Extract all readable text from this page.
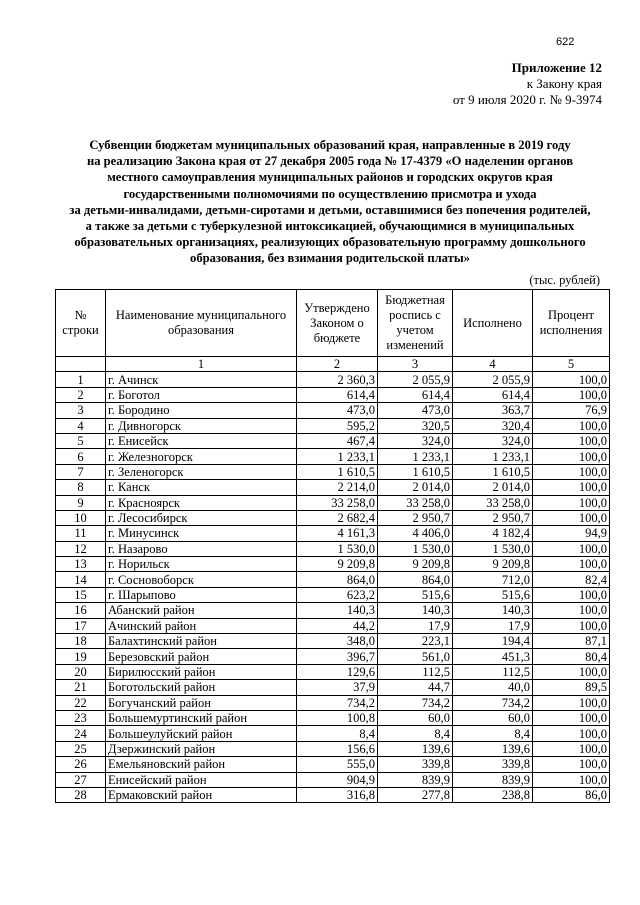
622
Приложение 12
к Закону края
от 9 июля 2020 г. № 9-3974
Субвенции бюджетам муниципальных образований края, направленные в 2019 году
на реализацию Закона края от 27 декабря 2005 года № 17-4379 «О наделении органов
местного самоуправления муниципальных районов и городских округов края
государственными полномочиями по осуществлению присмотра и ухода
за детьми-инвалидами, детьми-сиротами и детьми, оставшимися без попечения родителей,
а также за детьми с туберкулезной интоксикацией, обучающимися в муниципальных
образовательных организациях, реализующих образовательную программу дошкольного
образования, без взимания родительской платы»
(тыс. рублей)
№ строки	Наименование муниципального образования	Утверждено Законом о бюджете	Бюджетная роспись с учетом изменений	Исполнено	Процент исполнения
	1	2	3	4	5
1	г. Ачинск	2 360,3	2 055,9	2 055,9	100,0
2	г. Боготол	614,4	614,4	614,4	100,0
3	г. Бородино	473,0	473,0	363,7	76,9
4	г. Дивногорск	595,2	320,5	320,4	100,0
5	г. Енисейск	467,4	324,0	324,0	100,0
6	г. Железногорск	1 233,1	1 233,1	1 233,1	100,0
7	г. Зеленогорск	1 610,5	1 610,5	1 610,5	100,0
8	г. Канск	2 214,0	2 014,0	2 014,0	100,0
9	г. Красноярск	33 258,0	33 258,0	33 258,0	100,0
10	г. Лесосибирск	2 682,4	2 950,7	2 950,7	100,0
11	г. Минусинск	4 161,3	4 406,0	4 182,4	94,9
12	г. Назарово	1 530,0	1 530,0	1 530,0	100,0
13	г. Норильск	9 209,8	9 209,8	9 209,8	100,0
14	г. Сосновоборск	864,0	864,0	712,0	82,4
15	г. Шарыпово	623,2	515,6	515,6	100,0
16	Абанский район	140,3	140,3	140,3	100,0
17	Ачинский район	44,2	17,9	17,9	100,0
18	Балахтинский район	348,0	223,1	194,4	87,1
19	Березовский район	396,7	561,0	451,3	80,4
20	Бирилюсский район	129,6	112,5	112,5	100,0
21	Боготольский район	37,9	44,7	40,0	89,5
22	Богучанский район	734,2	734,2	734,2	100,0
23	Большемуртинский район	100,8	60,0	60,0	100,0
24	Большеулуйский район	8,4	8,4	8,4	100,0
25	Дзержинский район	156,6	139,6	139,6	100,0
26	Емельяновский район	555,0	339,8	339,8	100,0
27	Енисейский район	904,9	839,9	839,9	100,0
28	Ермаковский район	316,8	277,8	238,8	86,0
